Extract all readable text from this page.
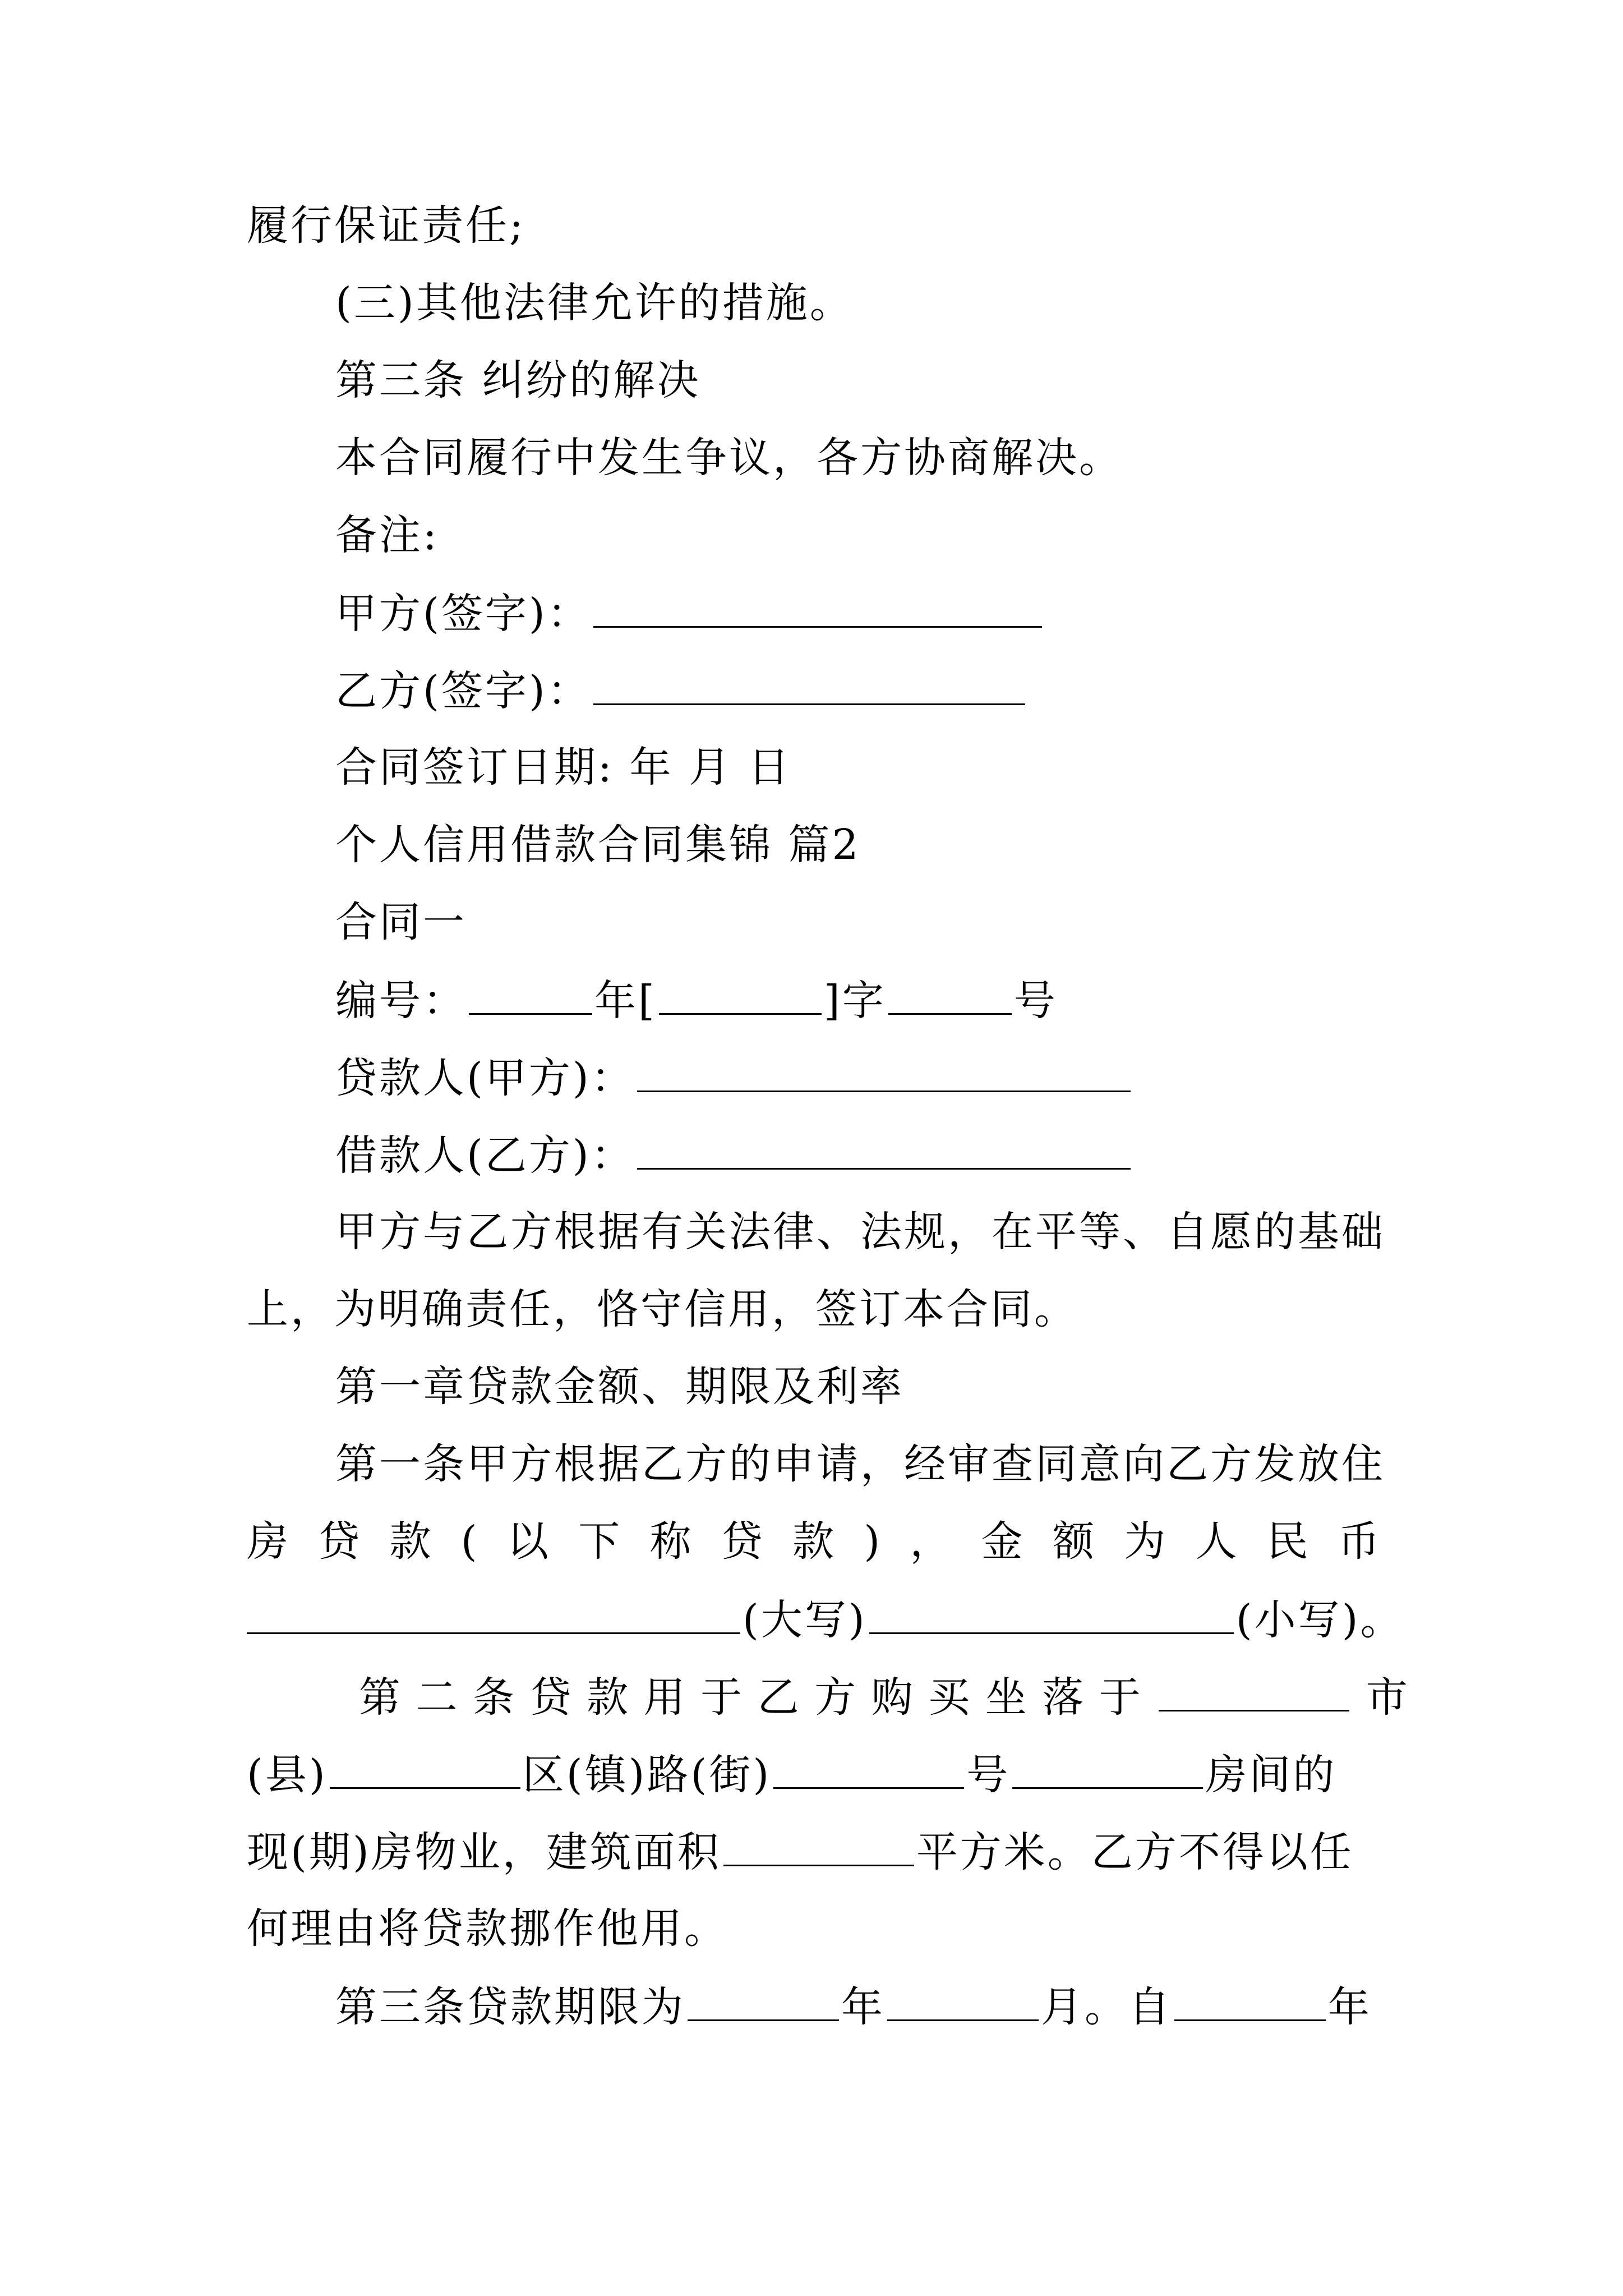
履行保证责任;
(三)其他法律允许的措施。
第三条 纠纷的解决
本合同履行中发生争议，各方协商解决。
备注:
甲方(签字)：
乙方(签字)：
合同签订日期: 年 月 日
个人信用借款合同集锦 篇2
合同一
编号：	年[	]字	号
贷款人(甲方)：
借款人(乙方)：
甲方与乙方根据有关法律、法规，在平等、自愿的基础
上，为明确责任，恪守信用，签订本合同。
第一章贷款金额、期限及利率
第一条甲方根据乙方的申请，经审查同意向乙方发放住
房 贷 款 ( 以 下 称 贷 款 ) ， 金 额 为 人 民 币
(大写)	(小写)。
第 二 条 贷 款 用 于 乙 方 购 买 坐 落 于	市
(县)	区(镇)路(街)	号	房间的
现(期)房物业，建筑面积	平方米。乙方不得以任
何理由将贷款挪作他用。
第三条贷款期限为	年	月。自	年
